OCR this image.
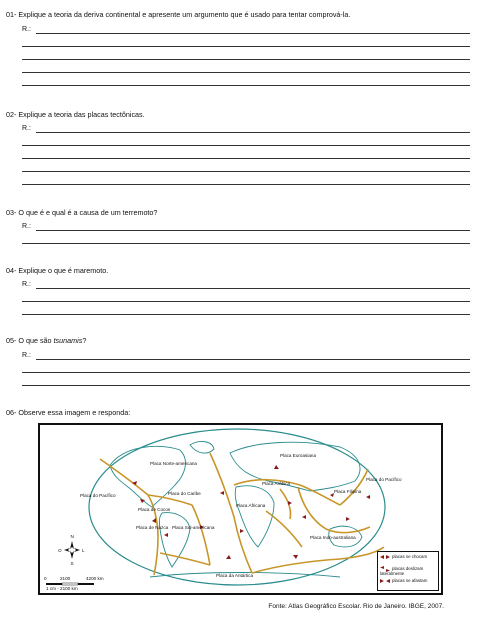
01- Explique a teoria da deriva continental e apresente um argumento que é usado para tentar comprová-la.
R.:
02- Explique a teoria das placas tectônicas.
R.:
03- O que é e qual é a causa de um terremoto?
R.:
04- Explique o que é maremoto.
R.:
05- O que são tsunamis?
R.:
06- Observe essa imagem e responda:
Placa Norte-americana
Placa Euroasiana
Placa do Pacífico
Placa do Pacífico
Placa do Caribe
Placa de Cocos
Placa Arábica
Placa Africana
Placa Filipina
Placa de Nazca Placa Sul-americana
Placa Indo-australiana
Placa da Antártica
N
S
L
O
0	2100	4200 km
1 cm - 2100 km
placas se chocam
placas deslizam lateralmente
placas se afastam
Fonte: Atlas Geográfico Escolar. Rio de Janeiro. IBGE, 2007.
